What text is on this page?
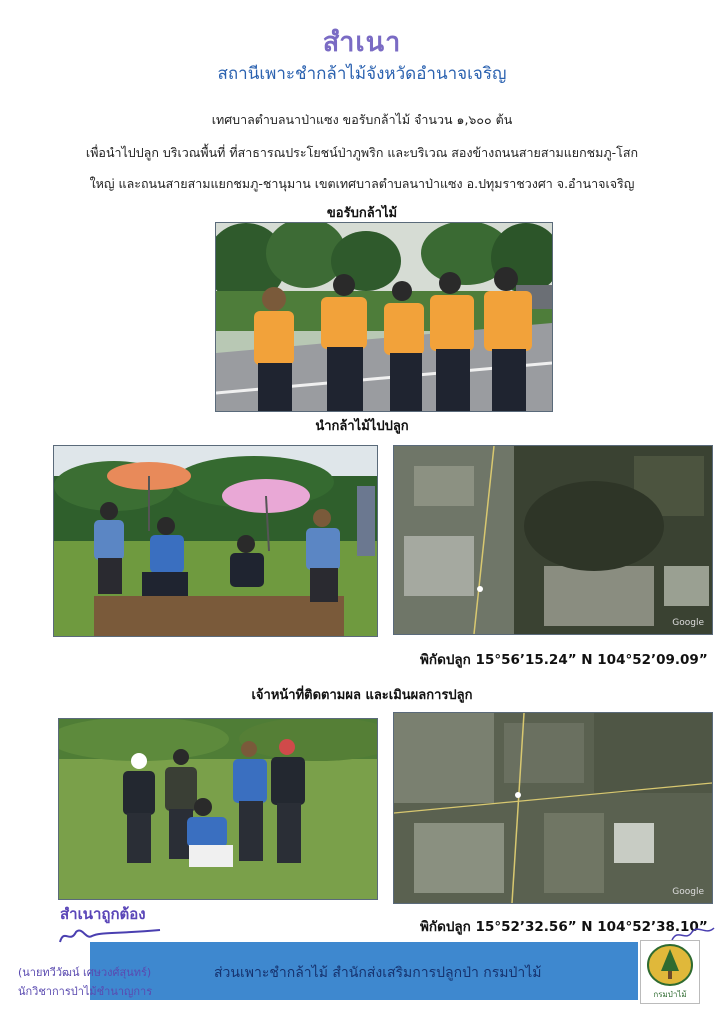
สำเนา
สถานีเพาะชำกล้าไม้จังหวัดอำนาจเจริญ
เทศบาลตำบลนาป่าแซง ขอรับกล้าไม้ จำนวน ๑,๖๐๐ ต้น
เพื่อนำไปปลูก บริเวณพื้นที่ ที่สาธารณประโยชน์ป่าภูพริก และบริเวณ สองข้างถนนสายสามแยกชมภู-โสก
ใหญ่ และถนนสายสามแยกชมภู-ชานุมาน เขตเทศบาลตำบลนาป่าแซง อ.ปทุมราชวงศา จ.อำนาจเจริญ
ขอรับกล้าไม้
นำกล้าไม้ไปปลูก
Google
พิกัดปลูก 15°56’15.24” N 104°52’09.09”
เจ้าหน้าที่ติดตามผล และเมินผลการปลูก
Google
พิกัดปลูก 15°52’32.56” N 104°52’38.10”
สำเนาถูกต้อง
ส่วนเพาะชำกล้าไม้ สำนักส่งเสริมการปลูกป่า กรมป่าไม้
กรมป่าไม้
(นายทวีวัฒน์ เศษวงศ์สุนทร์)
นักวิชาการป่าไม้ชำนาญการ
